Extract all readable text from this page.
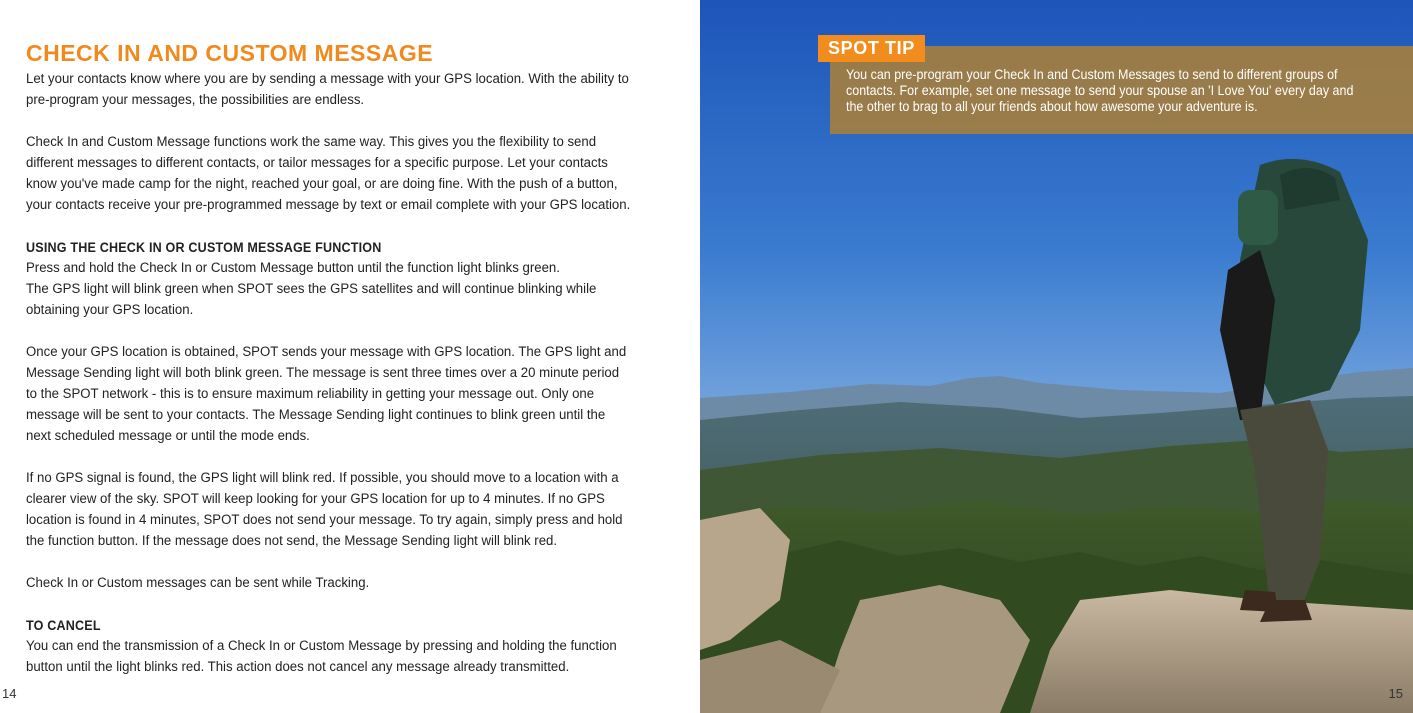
CHECK IN AND CUSTOM MESSAGE

Let your contacts know where you are by sending a message with your GPS location. With the ability to pre-program your messages, the possibilities are endless.

Check In and Custom Message functions work the same way. This gives you the flexibility to send different messages to different contacts, or tailor messages for a specific purpose. Let your contacts know you've made camp for the night, reached your goal, or are doing fine. With the push of a button, your contacts receive your pre-programmed message by text or email complete with your GPS location.

USING THE CHECK IN OR CUSTOM MESSAGE FUNCTION
Press and hold the Check In or Custom Message button until the function light blinks green.

The GPS light will blink green when SPOT sees the GPS satellites and will continue blinking while obtaining your GPS location.

Once your GPS location is obtained, SPOT sends your message with GPS location. The GPS light and Message Sending light will both blink green. The message is sent three times over a 20 minute period to the SPOT network - this is to ensure maximum reliability in getting your message out. Only one message will be sent to your contacts. The Message Sending light continues to blink green until the next scheduled message or until the mode ends.

If no GPS signal is found, the GPS light will blink red. If possible, you should move to a location with a clearer view of the sky. SPOT will keep looking for your GPS location for up to 4 minutes. If no GPS location is found in 4 minutes, SPOT does not send your message. To try again, simply press and hold the function button. If the message does not send, the Message Sending light will blink red.

Check In or Custom messages can be sent while Tracking.

TO CANCEL
You can end the transmission of a Check In or Custom Message by pressing and holding the function button until the light blinks red. This action does not cancel any message already transmitted.
14
SPOT TIP
You can pre-program your Check In and Custom Messages to send to different groups of contacts. For example, set one message to send your spouse an 'I Love You' every day and the other to brag to all your friends about how awesome your adventure is.
15
